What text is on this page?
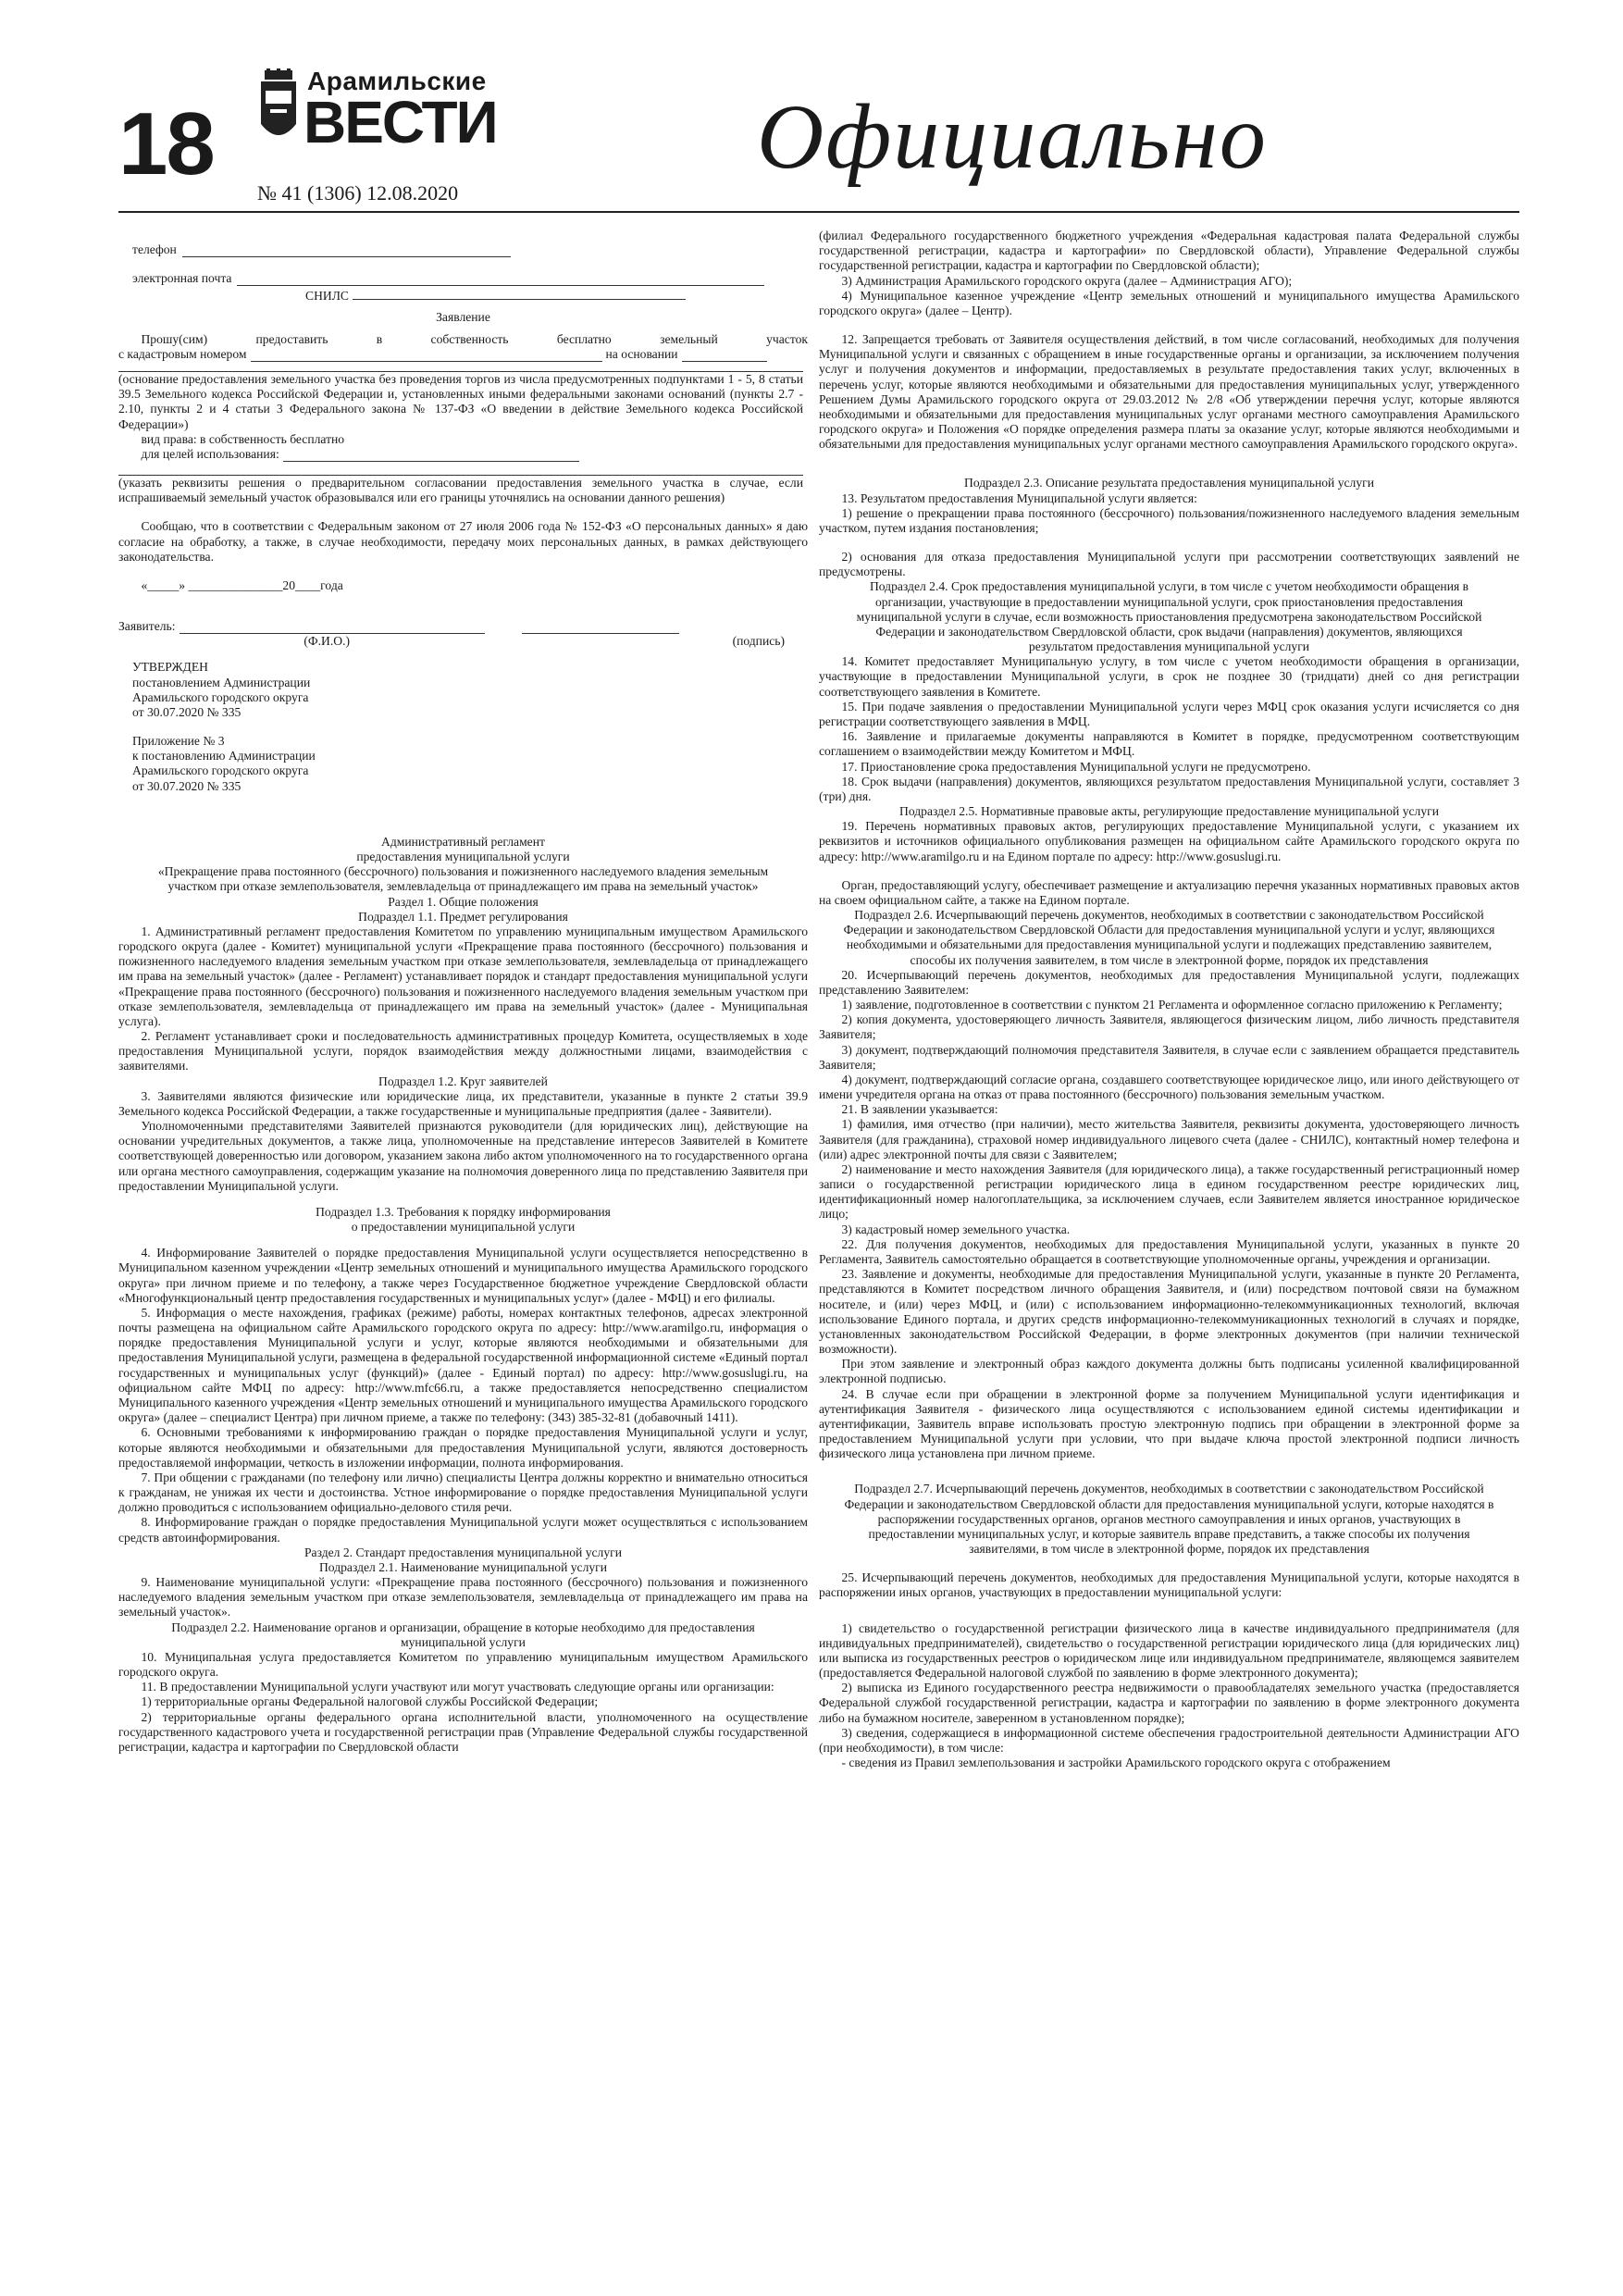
18
Арамильские
ВЕСТИ
№ 41 (1306) 12.08.2020
Официально

телефон

электронная почта

СНИЛС

Заявление

Прошу(сим) предоставить в собственность бесплатно земельный участок

с кадастровым номером	на основании

(основание предоставления земельного участка без проведения торгов из числа предусмотренных подпунктами 1 - 5, 8 статьи 39.5 Земельного кодекса Российской Федерации и, установленных иными федеральными законами оснований (пункты 2.7 - 2.10, пункты 2 и 4 статьи 3 Федерального закона № 137-ФЗ «О введении в действие Земельного кодекса Российской Федерации»)

вид права: в собственность бесплатно

для целей использования:

(указать реквизиты решения о предварительном согласовании предоставления земельного участка в случае, если испрашиваемый земельный участок образовывался или его границы уточнялись на основании данного решения)

Сообщаю, что в соответствии с Федеральным законом от 27 июля 2006 года № 152-ФЗ «О персональных данных» я даю согласие на обработку, а также, в случае необходимости, передачу моих персональных данных, в рамках действующего законодательства.

«_____» _______________20____года

Заявитель:

(Ф.И.О.)	(подпись)

УТВЕРЖДЕН

постановлением Администрации

Арамильского городского округа

от 30.07.2020 № 335

Приложение № 3

к постановлению Администрации

Арамильского городского округа

от 30.07.2020 № 335

Административный регламент

предоставления муниципальной услуги

«Прекращение права постоянного (бессрочного) пользования и пожизненного наследуемого владения земельным участком при отказе землепользователя, землевладельца от принадлежащего им права на земельный участок»

Раздел 1. Общие положения

Подраздел 1.1. Предмет регулирования

1. Административный регламент предоставления Комитетом по управлению муниципальным имуществом Арамильского городского округа (далее - Комитет) муниципальной услуги «Прекращение права постоянного (бессрочного) пользования и пожизненного наследуемого владения земельным участком при отказе землепользователя, землевладельца от принадлежащего им права на земельный участок» (далее - Регламент) устанавливает порядок и стандарт предоставления муниципальной услуги «Прекращение права постоянного (бессрочного) пользования и пожизненного наследуемого владения земельным участком при отказе землепользователя, землевладельца от принадлежащего им права на земельный участок» (далее - Муниципальная услуга).

2. Регламент устанавливает сроки и последовательность административных процедур Комитета, осуществляемых в ходе предоставления Муниципальной услуги, порядок взаимодействия между должностными лицами, взаимодействия с заявителями.

Подраздел 1.2. Круг заявителей

3. Заявителями являются физические или юридические лица, их представители, указанные в пункте 2 статьи 39.9 Земельного кодекса Российской Федерации, а также государственные и муниципальные предприятия (далее - Заявители).

Уполномоченными представителями Заявителей признаются руководители (для юридических лиц), действующие на основании учредительных документов, а также лица, уполномоченные на представление интересов Заявителей в Комитете соответствующей доверенностью или договором, указанием закона либо актом уполномоченного на то государственного органа или органа местного самоуправления, содержащим указание на полномочия доверенного лица по представлению Заявителя при предоставлении Муниципальной услуги.

Подраздел 1.3. Требования к порядку информирования

о предоставлении муниципальной услуги

4. Информирование Заявителей о порядке предоставления Муниципальной услуги осуществляется непосредственно в Муниципальном казенном учреждении «Центр земельных отношений и муниципального имущества Арамильского городского округа» при личном приеме и по телефону, а также через Государственное бюджетное учреждение Свердловской области «Многофункциональный центр предоставления государственных и муниципальных услуг» (далее - МФЦ) и его филиалы.

5. Информация о месте нахождения, графиках (режиме) работы, номерах контактных телефонов, адресах электронной почты размещена на официальном сайте Арамильского городского округа по адресу: http://www.aramilgo.ru, информация о порядке предоставления Муниципальной услуги и услуг, которые являются необходимыми и обязательными для предоставления Муниципальной услуги, размещена в федеральной государственной информационной системе «Единый портал государственных и муниципальных услуг (функций)» (далее - Единый портал) по адресу: http://www.gosuslugi.ru, на официальном сайте МФЦ по адресу: http://www.mfc66.ru, а также предоставляется непосредственно специалистом Муниципального казенного учреждения «Центр земельных отношений и муниципального имущества Арамильского городского округа» (далее – специалист Центра) при личном приеме, а также по телефону: (343) 385-32-81 (добавочный 1411).

6. Основными требованиями к информированию граждан о порядке предоставления Муниципальной услуги и услуг, которые являются необходимыми и обязательными для предоставления Муниципальной услуги, являются достоверность предоставляемой информации, четкость в изложении информации, полнота информирования.

7. При общении с гражданами (по телефону или лично) специалисты Центра должны корректно и внимательно относиться к гражданам, не унижая их чести и достоинства. Устное информирование о порядке предоставления Муниципальной услуги должно проводиться с использованием официально-делового стиля речи.

8. Информирование граждан о порядке предоставления Муниципальной услуги может осуществляться с использованием средств автоинформирования.

Раздел 2. Стандарт предоставления муниципальной услуги

Подраздел 2.1. Наименование муниципальной услуги

9. Наименование муниципальной услуги: «Прекращение права постоянного (бессрочного) пользования и пожизненного наследуемого владения земельным участком при отказе землепользователя, землевладельца от принадлежащего им права на земельный участок».

Подраздел 2.2. Наименование органов и организации, обращение в которые необходимо для предоставления муниципальной услуги

10. Муниципальная услуга предоставляется Комитетом по управлению муниципальным имуществом Арамильского городского округа.

11. В предоставлении Муниципальной услуги участвуют или могут участвовать следующие органы или организации:

1) территориальные органы Федеральной налоговой службы Российской Федерации;

2) территориальные органы федерального органа исполнительной власти, уполномоченного на осуществление государственного кадастрового учета и государственной регистрации прав (Управление Федеральной службы государственной регистрации, кадастра и картографии по Свердловской области

(филиал Федерального государственного бюджетного учреждения «Федеральная кадастровая палата Федеральной службы государственной регистрации, кадастра и картографии» по Свердловской области), Управление Федеральной службы государственной регистрации, кадастра и картографии по Свердловской области);

3) Администрация Арамильского городского округа (далее – Администрация АГО);

4) Муниципальное казенное учреждение «Центр земельных отношений и муниципального имущества Арамильского городского округа» (далее – Центр).

12. Запрещается требовать от Заявителя осуществления действий, в том числе согласований, необходимых для получения Муниципальной услуги и связанных с обращением в иные государственные органы и организации, за исключением получения услуг и получения документов и информации, предоставляемых в результате предоставления таких услуг, включенных в перечень услуг, которые являются необходимыми и обязательными для предоставления муниципальных услуг, утвержденного Решением Думы Арамильского городского округа от 29.03.2012 № 2/8 «Об утверждении перечня услуг, которые являются необходимыми и обязательными для предоставления муниципальных услуг органами местного самоуправления Арамильского городского округа» и Положения «О порядке определения размера платы за оказание услуг, которые являются необходимыми и обязательными для предоставления муниципальных услуг органами местного самоуправления Арамильского городского округа».

Подраздел 2.3. Описание результата предоставления муниципальной услуги

13. Результатом предоставления Муниципальной услуги является:

1) решение о прекращении права постоянного (бессрочного) пользования/пожизненного наследуемого владения земельным участком, путем издания постановления;

2) основания для отказа предоставления Муниципальной услуги при рассмотрении соответствующих заявлений не предусмотрены.

Подраздел 2.4. Срок предоставления муниципальной услуги, в том числе с учетом необходимости обращения в организации, участвующие в предоставлении муниципальной услуги, срок приостановления предоставления муниципальной услуги в случае, если возможность приостановления предусмотрена законодательством Российской Федерации и законодательством Свердловской области, срок выдачи (направления) документов, являющихся результатом предоставления муниципальной услуги

14. Комитет предоставляет Муниципальную услугу, в том числе с учетом необходимости обращения в организации, участвующие в предоставлении Муниципальной услуги, в срок не позднее 30 (тридцати) дней со дня регистрации соответствующего заявления в Комитете.

15. При подаче заявления о предоставлении Муниципальной услуги через МФЦ срок оказания услуги исчисляется со дня регистрации соответствующего заявления в МФЦ.

16. Заявление и прилагаемые документы направляются в Комитет в порядке, предусмотренном соответствующим соглашением о взаимодействии между Комитетом и МФЦ.

17. Приостановление срока предоставления Муниципальной услуги не предусмотрено.

18. Срок выдачи (направления) документов, являющихся результатом предоставления Муниципальной услуги, составляет 3 (три) дня.

Подраздел 2.5. Нормативные правовые акты, регулирующие предоставление муниципальной услуги

19. Перечень нормативных правовых актов, регулирующих предоставление Муниципальной услуги, с указанием их реквизитов и источников официального опубликования размещен на официальном сайте Арамильского городского округа по адресу: http://www.aramilgo.ru и на Едином портале по адресу: http://www.gosuslugi.ru.

Орган, предоставляющий услугу, обеспечивает размещение и актуализацию перечня указанных нормативных правовых актов на своем официальном сайте, а также на Едином портале.

Подраздел 2.6. Исчерпывающий перечень документов, необходимых в соответствии с законодательством Российской Федерации и законодательством Свердловской Области для предоставления муниципальной услуги и услуг, являющихся необходимыми и обязательными для предоставления муниципальной услуги и подлежащих представлению заявителем, способы их получения заявителем, в том числе в электронной форме, порядок их представления

20. Исчерпывающий перечень документов, необходимых для предоставления Муниципальной услуги, подлежащих представлению Заявителем:

1) заявление, подготовленное в соответствии с пунктом 21 Регламента и оформленное согласно приложению к Регламенту;

2) копия документа, удостоверяющего личность Заявителя, являющегося физическим лицом, либо личность представителя Заявителя;

3) документ, подтверждающий полномочия представителя Заявителя, в случае если с заявлением обращается представитель Заявителя;

4) документ, подтверждающий согласие органа, создавшего соответствующее юридическое лицо, или иного действующего от имени учредителя органа на отказ от права постоянного (бессрочного) пользования земельным участком.

21. В заявлении указывается:

1) фамилия, имя отчество (при наличии), место жительства Заявителя, реквизиты документа, удостоверяющего личность Заявителя (для гражданина), страховой номер индивидуального лицевого счета (далее - СНИЛС), контактный номер телефона и (или) адрес электронной почты для связи с Заявителем;

2) наименование и место нахождения Заявителя (для юридического лица), а также государственный регистрационный номер записи о государственной регистрации юридического лица в едином государственном реестре юридических лиц, идентификационный номер налогоплательщика, за исключением случаев, если Заявителем является иностранное юридическое лицо;

3) кадастровый номер земельного участка.

22. Для получения документов, необходимых для предоставления Муниципальной услуги, указанных в пункте 20 Регламента, Заявитель самостоятельно обращается в соответствующие уполномоченные органы, учреждения и организации.

23. Заявление и документы, необходимые для предоставления Муниципальной услуги, указанные в пункте 20 Регламента, представляются в Комитет посредством личного обращения Заявителя, и (или) посредством почтовой связи на бумажном носителе, и (или) через МФЦ, и (или) с использованием информационно-телекоммуникационных технологий, включая использование Единого портала, и других средств информационно-телекоммуникационных технологий в случаях и порядке, установленных законодательством Российской Федерации, в форме электронных документов (при наличии технической возможности).

При этом заявление и электронный образ каждого документа должны быть подписаны усиленной квалифицированной электронной подписью.

24. В случае если при обращении в электронной форме за получением Муниципальной услуги идентификация и аутентификация Заявителя - физического лица осуществляются с использованием единой системы идентификации и аутентификации, Заявитель вправе использовать простую электронную подпись при обращении в электронной форме за предоставлением Муниципальной услуги при условии, что при выдаче ключа простой электронной подписи личность физического лица установлена при личном приеме.

Подраздел 2.7. Исчерпывающий перечень документов, необходимых в соответствии с законодательством Российской Федерации и законодательством Свердловской области для предоставления муниципальной услуги, которые находятся в распоряжении государственных органов, органов местного самоуправления и иных органов, участвующих в предоставлении муниципальных услуг, и которые заявитель вправе представить, а также способы их получения заявителями, в том числе в электронной форме, порядок их представления

25. Исчерпывающий перечень документов, необходимых для предоставления Муниципальной услуги, которые находятся в распоряжении иных органов, участвующих в предоставлении муниципальной услуги:

1) свидетельство о государственной регистрации физического лица в качестве индивидуального предпринимателя (для индивидуальных предпринимателей), свидетельство о государственной регистрации юридического лица (для юридических лиц) или выписка из государственных реестров о юридическом лице или индивидуальном предпринимателе, являющемся заявителем (предоставляется Федеральной налоговой службой по заявлению в форме электронного документа);

2) выписка из Единого государственного реестра недвижимости о правообладателях земельного участка (предоставляется Федеральной службой государственной регистрации, кадастра и картографии по заявлению в форме электронного документа либо на бумажном носителе, заверенном в установленном порядке);

3) сведения, содержащиеся в информационной системе обеспечения градостроительной деятельности Администрации АГО (при необходимости), в том числе:

- сведения из Правил землепользования и застройки Арамильского городского округа с отображением
